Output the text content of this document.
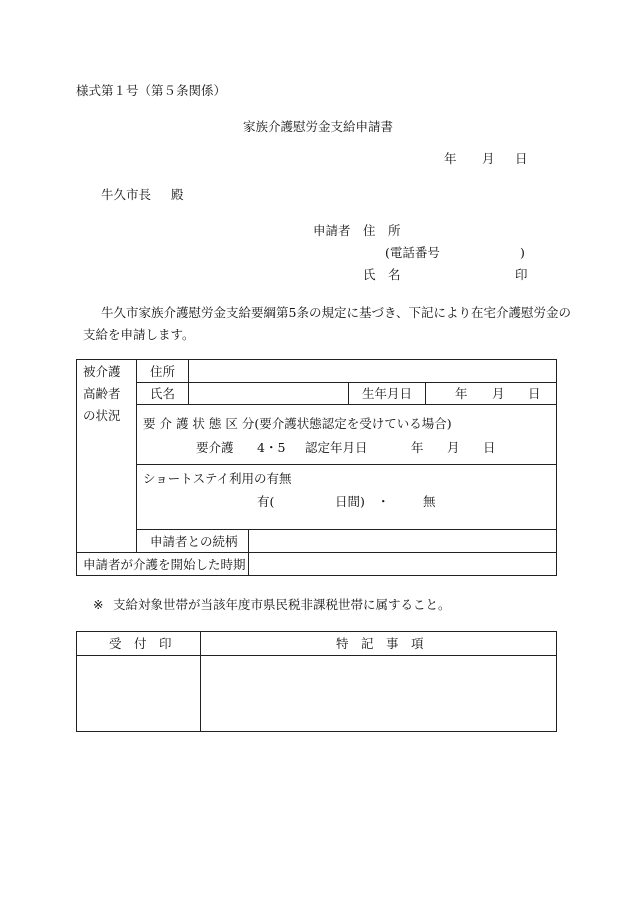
様式第１号（第５条関係）
家族介護慰労金支給申請書
年 月 日
牛久市長 殿
申請者 住　所
(電話番号	)
氏　名	印
牛久市家族介護慰労金支給要綱第5条の規定に基づき、下記により在宅介護慰労金の
支給を申請します。
被介護
高齢者
の状況
住所
氏名	生年月日	年 月 日
要 介 護 状 態 区 分(要介護状態認定を受けている場合)
要介護 4・5 認定年月日	年 月 日
ショートステイ利用の有無
有(	日間) ・	無
申請者との続柄
申請者が介護を開始した時期
※ 支給対象世帯が当該年度市県民税非課税世帯に属すること。
受　付　印	特　記　事　項
